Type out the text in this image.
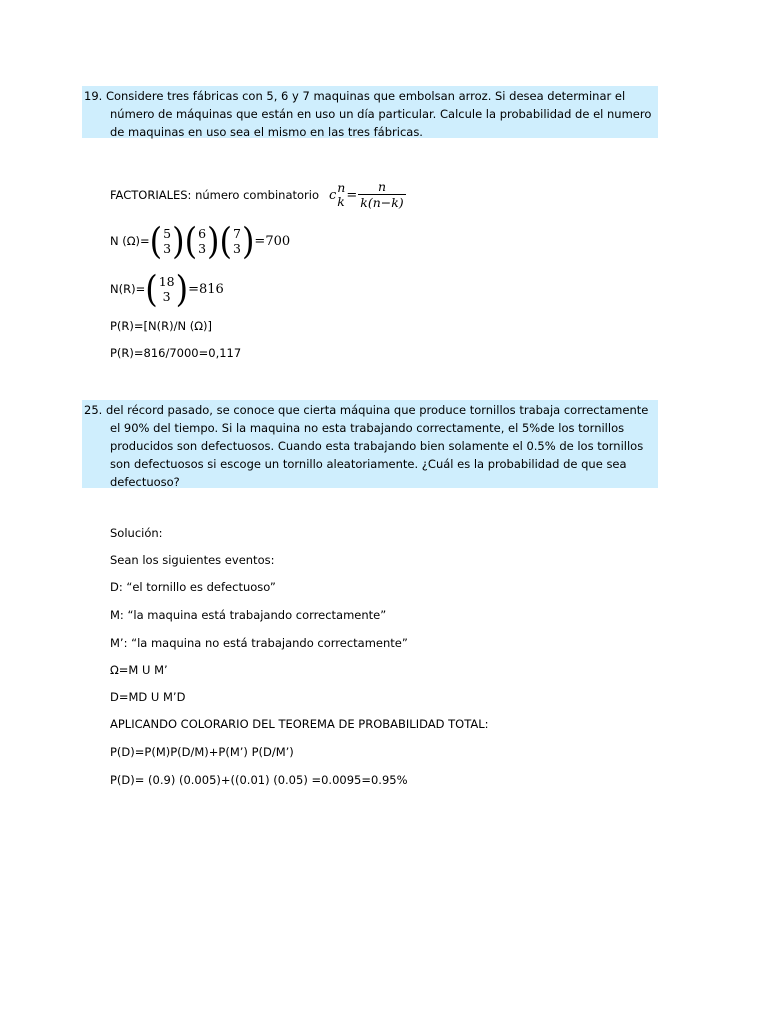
19. Considere tres fábricas con 5, 6 y 7 maquinas que embolsan arroz. Si desea determinar el número de máquinas que están en uso un día particular. Calcule la probabilidad de el numero de maquinas en uso sea el mismo en las tres fábricas.

FACTORIALES: número combinatorio c n
$k = \frac{n}{k(n-k)}$
N (Ω)= ( 5
3 ) ( 6
3 ) ( 7
3 ) =700
N(R)= ( 18
3 ) =816
P(R)=[N(R)/N (Ω)]
P(R)=816/7000=0,117

25. del récord pasado, se conoce que cierta máquina que produce tornillos trabaja correctamente el 90% del tiempo. Si la maquina no esta trabajando correctamente, el 5%de los tornillos producidos son defectuosos. Cuando esta trabajando bien solamente el 0.5% de los tornillos son defectuosos si escoge un tornillo aleatoriamente. ¿Cuál es la probabilidad de que sea defectuoso?

Solución:
Sean los siguientes eventos:
D: “el tornillo es defectuoso”
M: “la maquina está trabajando correctamente”
M’: “la maquina no está trabajando correctamente”
Ω=M U M’
D=MD U M’D
APLICANDO COLORARIO DEL TEOREMA DE PROBABILIDAD TOTAL:
P(D)=P(M)P(D/M)+P(M’) P(D/M’)
P(D)= (0.9) (0.005)+((0.01) (0.05) =0.0095=0.95%
